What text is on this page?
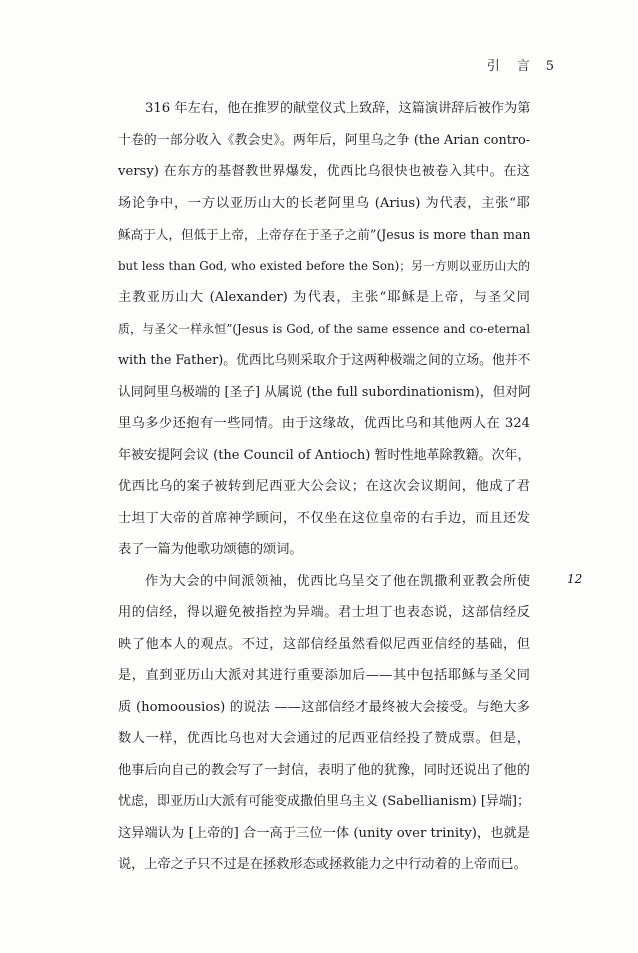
引　言 5
316 年左右，他在推罗的献堂仪式上致辞，这篇演讲辞后被作为第
十卷的一部分收入《教会史》。两年后，阿里乌之争 (the Arian contro-
versy) 在东方的基督教世界爆发，优西比乌很快也被卷入其中。在这
场论争中，一方以亚历山大的长老阿里乌 (Arius) 为代表，主张“耶
稣高于人，但低于上帝，上帝存在于圣子之前”(Jesus is more than man
but less than God, who existed before the Son)；另一方则以亚历山大的
主教亚历山大 (Alexander) 为代表，主张“耶稣是上帝，与圣父同
质，与圣父一样永恒”(Jesus is God, of the same essence and co-eternal
with the Father)。优西比乌则采取介于这两种极端之间的立场。他并不
认同阿里乌极端的 [圣子] 从属说 (the full subordinationism)，但对阿
里乌多少还抱有一些同情。由于这缘故，优西比乌和其他两人在 324
年被安提阿会议 (the Council of Antioch) 暂时性地革除教籍。次年，
优西比乌的案子被转到尼西亚大公会议；在这次会议期间，他成了君
士坦丁大帝的首席神学顾问，不仅坐在这位皇帝的右手边，而且还发
表了一篇为他歌功颂德的颂词。
作为大会的中间派领袖，优西比乌呈交了他在凯撒利亚教会所使
用的信经，得以避免被指控为异端。君士坦丁也表态说，这部信经反
映了他本人的观点。不过，这部信经虽然看似尼西亚信经的基础，但
是，直到亚历山大派对其进行重要添加后——其中包括耶稣与圣父同
质 (homoousios) 的说法 ——这部信经才最终被大会接受。与绝大多
数人一样，优西比乌也对大会通过的尼西亚信经投了赞成票。但是，
他事后向自己的教会写了一封信，表明了他的犹豫，同时还说出了他的
忧虑，即亚历山大派有可能变成撒伯里乌主义 (Sabellianism) [异端]；
这异端认为 [上帝的] 合一高于三位一体 (unity over trinity)，也就是
说，上帝之子只不过是在拯救形态或拯救能力之中行动着的上帝而已。
12
